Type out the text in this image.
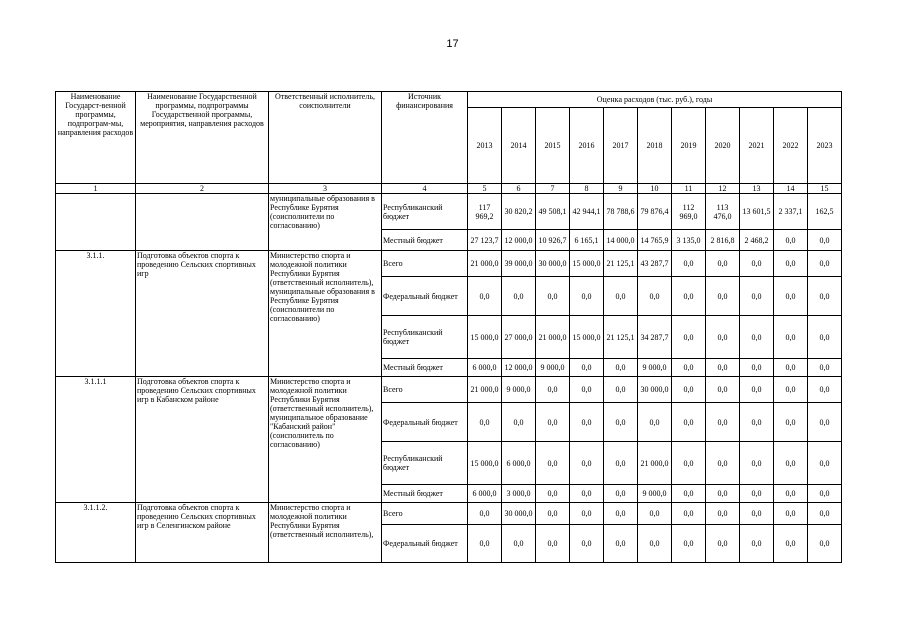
17
Наименование Государст-венной программы, подпрограм-мы, направления расходов	Наименование Государственной программы, подпрограммы Государственной программы, мероприятия, направления расходов	Ответственный исполнитель, соисполнители	Источник финансирования	Оценка расходов (тыс. руб.), годы										
				2013	2014	2015	2016	2017	2018	2019	2020	2021	2022	2023
1	2	3	4	5	6	7	8	9	10	11	12	13	14	15
		муниципальные образования в Республике Бурятия (соисполнители по согласованию)	Республиканский бюджет	117 969,2	30 820,2	49 508,1	42 944,1	78 788,6	79 876,4	112 969,0	113 476,0	13 601,5	2 337,1	162,5
			Местный бюджет	27 123,7	12 000,0	10 926,7	6 165,1	14 000,0	14 765,9	3 135,0	2 816,8	2 468,2	0,0	0,0
3.1.1.	Подготовка объектов спорта к проведению Сельских спортивных игр	Министерство спорта и молодежной политики Республики Бурятия (ответственный исполнитель), муниципальные образования в Республике Бурятия (соисполнители по согласованию)	Всего	21 000,0	39 000,0	30 000,0	15 000,0	21 125,1	43 287,7	0,0	0,0	0,0	0,0	0,0
			Федеральный бюджет	0,0	0,0	0,0	0,0	0,0	0,0	0,0	0,0	0,0	0,0	0,0
			Республиканский бюджет	15 000,0	27 000,0	21 000,0	15 000,0	21 125,1	34 287,7	0,0	0,0	0,0	0,0	0,0
			Местный бюджет	6 000,0	12 000,0	9 000,0	0,0	0,0	9 000,0	0,0	0,0	0,0	0,0	0,0
3.1.1.1	Подготовка объектов спорта к проведению Сельских спортивных игр в Кабанском районе	Министерство спорта и молодежной политики Республики Бурятия (ответственный исполнитель), муниципальное образование "Кабанский район" (соисполнитель по согласованию)	Всего	21 000,0	9 000,0	0,0	0,0	0,0	30 000,0	0,0	0,0	0,0	0,0	0,0
			Федеральный бюджет	0,0	0,0	0,0	0,0	0,0	0,0	0,0	0,0	0,0	0,0	0,0
			Республиканский бюджет	15 000,0	6 000,0	0,0	0,0	0,0	21 000,0	0,0	0,0	0,0	0,0	0,0
			Местный бюджет	6 000,0	3 000,0	0,0	0,0	0,0	9 000,0	0,0	0,0	0,0	0,0	0,0
3.1.1.2.	Подготовка объектов спорта к проведению Сельских спортивных игр в Селенгинском районе	Министерство спорта и молодежной политики Республики Бурятия (ответственный исполнитель),	Всего	0,0	30 000,0	0,0	0,0	0,0	0,0	0,0	0,0	0,0	0,0	0,0
			Федеральный бюджет	0,0	0,0	0,0	0,0	0,0	0,0	0,0	0,0	0,0	0,0	0,0
